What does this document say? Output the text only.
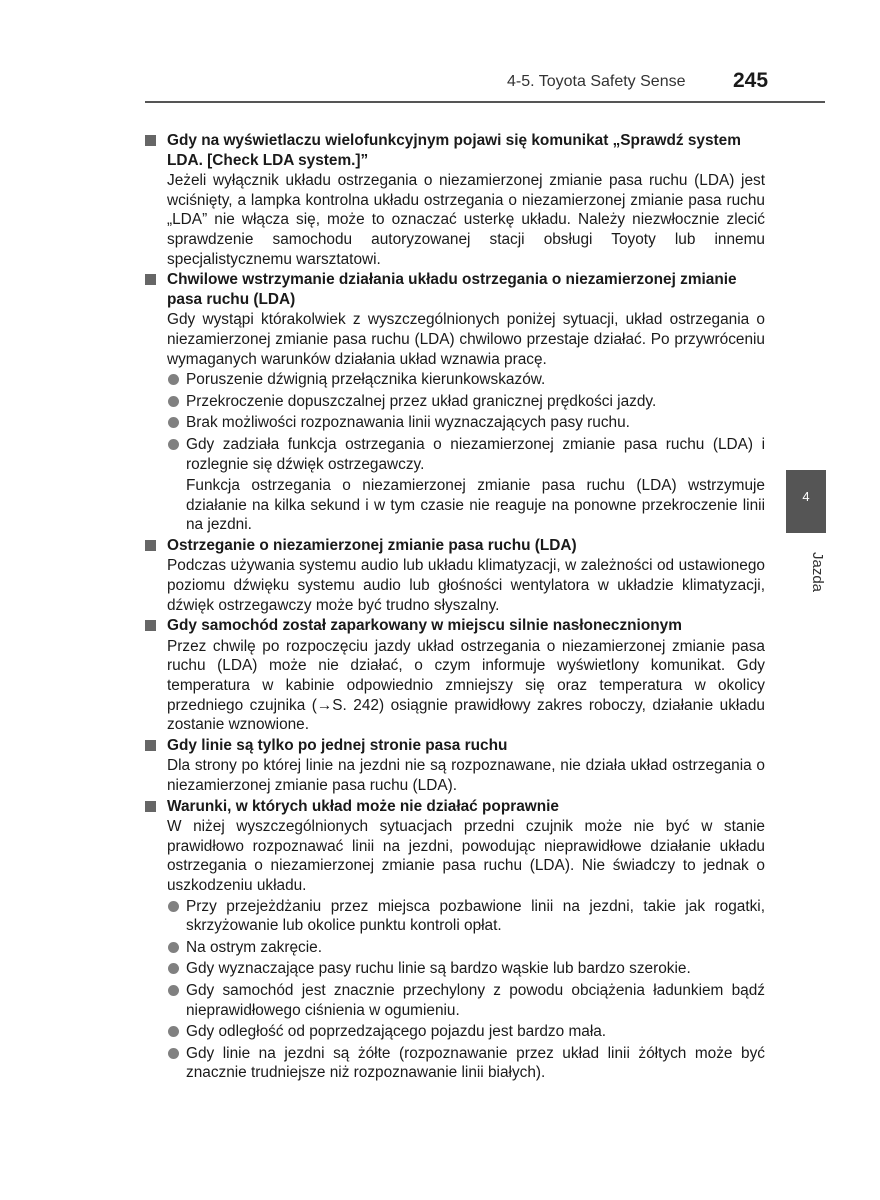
4-5. Toyota Safety Sense 245
4
Jazda
Gdy na wyświetlaczu wielofunkcyjnym pojawi się komunikat „Sprawdź system LDA. [Check LDA system.]”
Jeżeli wyłącznik układu ostrzegania o niezamierzonej zmianie pasa ruchu (LDA) jest wciśnięty, a lampka kontrolna układu ostrzegania o niezamierzonej zmianie pasa ruchu „LDA” nie włącza się, może to oznaczać usterkę układu. Należy niezwłocznie zlecić sprawdzenie samochodu autoryzowanej stacji obsługi Toyoty lub innemu specjalistycznemu warsztatowi.
Chwilowe wstrzymanie działania układu ostrzegania o niezamierzonej zmianie pasa ruchu (LDA)
Gdy wystąpi którakolwiek z wyszczególnionych poniżej sytuacji, układ ostrzegania o niezamierzonej zmianie pasa ruchu (LDA) chwilowo przestaje działać. Po przywróceniu wymaganych warunków działania układ wznawia pracę.
Poruszenie dźwignią przełącznika kierunkowskazów.
Przekroczenie dopuszczalnej przez układ granicznej prędkości jazdy.
Brak możliwości rozpoznawania linii wyznaczających pasy ruchu.
Gdy zadziała funkcja ostrzegania o niezamierzonej zmianie pasa ruchu (LDA) i rozlegnie się dźwięk ostrzegawczy.
Funkcja ostrzegania o niezamierzonej zmianie pasa ruchu (LDA) wstrzymuje działanie na kilka sekund i w tym czasie nie reaguje na ponowne przekroczenie linii na jezdni.
Ostrzeganie o niezamierzonej zmianie pasa ruchu (LDA)
Podczas używania systemu audio lub układu klimatyzacji, w zależności od ustawionego poziomu dźwięku systemu audio lub głośności wentylatora w układzie klimatyzacji, dźwięk ostrzegawczy może być trudno słyszalny.
Gdy samochód został zaparkowany w miejscu silnie nasłonecznionym
Przez chwilę po rozpoczęciu jazdy układ ostrzegania o niezamierzonej zmianie pasa ruchu (LDA) może nie działać, o czym informuje wyświetlony komunikat. Gdy temperatura w kabinie odpowiednio zmniejszy się oraz temperatura w okolicy przedniego czujnika (→S. 242) osiągnie prawidłowy zakres roboczy, działanie układu zostanie wznowione.
Gdy linie są tylko po jednej stronie pasa ruchu
Dla strony po której linie na jezdni nie są rozpoznawane, nie działa układ ostrzegania o niezamierzonej zmianie pasa ruchu (LDA).
Warunki, w których układ może nie działać poprawnie
W niżej wyszczególnionych sytuacjach przedni czujnik może nie być w stanie prawidłowo rozpoznawać linii na jezdni, powodując nieprawidłowe działanie układu ostrzegania o niezamierzonej zmianie pasa ruchu (LDA). Nie świadczy to jednak o uszkodzeniu układu.
Przy przejeżdżaniu przez miejsca pozbawione linii na jezdni, takie jak rogatki, skrzyżowanie lub okolice punktu kontroli opłat.
Na ostrym zakręcie.
Gdy wyznaczające pasy ruchu linie są bardzo wąskie lub bardzo szerokie.
Gdy samochód jest znacznie przechylony z powodu obciążenia ładunkiem bądź nieprawidłowego ciśnienia w ogumieniu.
Gdy odległość od poprzedzającego pojazdu jest bardzo mała.
Gdy linie na jezdni są żółte (rozpoznawanie przez układ linii żółtych może być znacznie trudniejsze niż rozpoznawanie linii białych).
